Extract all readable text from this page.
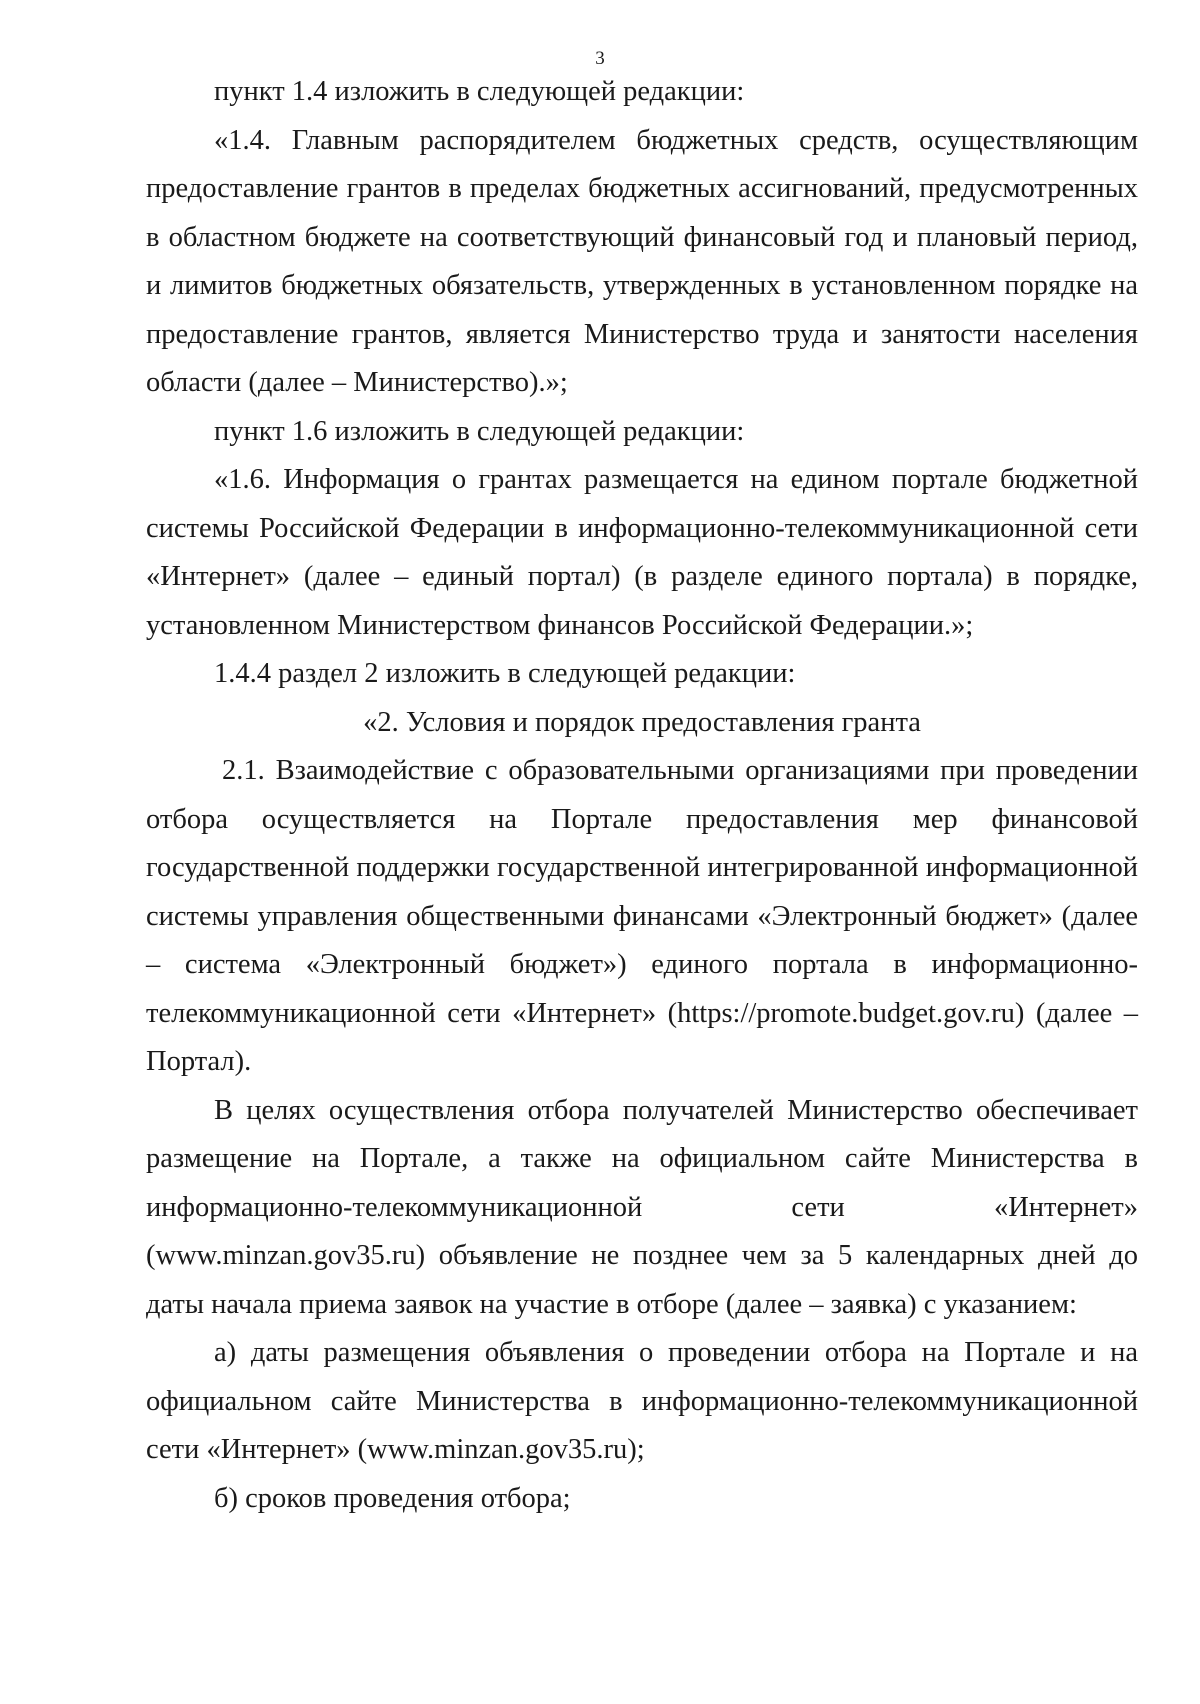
3

пункт 1.4 изложить в следующей редакции:

«1.4. Главным распорядителем бюджетных средств, осуществляющим предоставление грантов в пределах бюджетных ассигнований, предусмотренных в областном бюджете на соответствующий финансовый год и плановый период, и лимитов бюджетных обязательств, утвержденных в установленном порядке на предоставление грантов, является Министерство труда и занятости населения области (далее – Министерство).»;

пункт 1.6 изложить в следующей редакции:

«1.6. Информация о грантах размещается на едином портале бюджетной системы Российской Федерации в информационно-телекоммуникационной сети «Интернет» (далее – единый портал) (в разделе единого портала) в порядке, установленном Министерством финансов Российской Федерации.»;

1.4.4 раздел 2 изложить в следующей редакции:

«2. Условия и порядок предоставления гранта

2.1. Взаимодействие с образовательными организациями при проведении отбора осуществляется на Портале предоставления мер финансовой государственной поддержки государственной интегрированной информационной системы управления общественными финансами «Электронный бюджет» (далее – система «Электронный бюджет») единого портала в информационно-телекоммуникационной сети «Интернет» (https://promote.budget.gov.ru) (далее – Портал).

В целях осуществления отбора получателей Министерство обеспечивает размещение на Портале, а также на официальном сайте Министерства в информационно-телекоммуникационной сети «Интернет» (www.minzan.gov35.ru) объявление не позднее чем за 5 календарных дней до даты начала приема заявок на участие в отборе (далее – заявка) с указанием:

а) даты размещения объявления о проведении отбора на Портале и на официальном сайте Министерства в информационно-телекоммуникационной сети «Интернет» (www.minzan.gov35.ru);

б) сроков проведения отбора;
